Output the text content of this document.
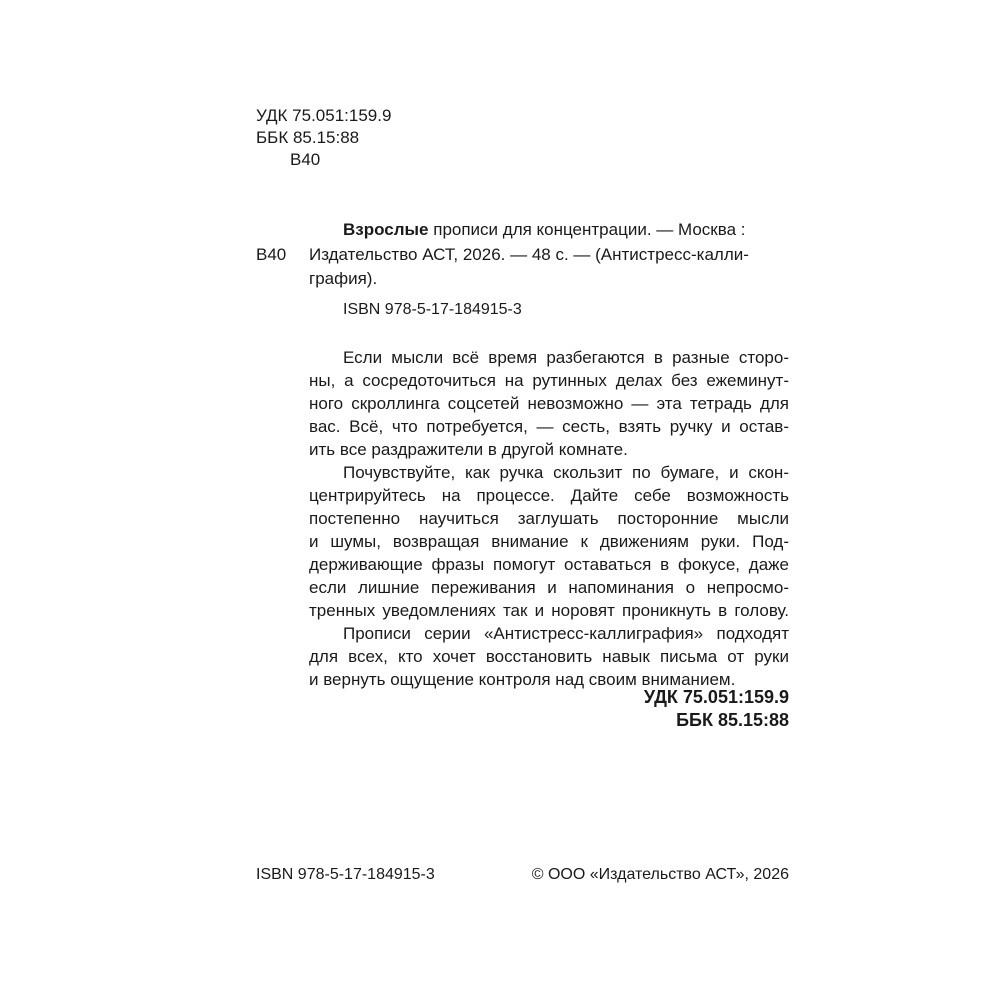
УДК 75.051:159.9
ББК 85.15:88
В40
Взрослые прописи для концентрации. — Москва :
В40 Издательство АСТ, 2026. — 48 с. — (Антистресс-калли-
графия).
ISBN 978-5-17-184915-3
Если мысли всё время разбегаются в разные сторо-
ны, а сосредоточиться на рутинных делах без ежеминут-
ного скроллинга соцсетей невозможно — эта тетрадь для
вас. Всё, что потребуется, — сесть, взять ручку и остав-
ить все раздражители в другой комнате.
Почувствуйте, как ручка скользит по бумаге, и скон-
центрируйтесь на процессе. Дайте себе возможность
постепенно научиться заглушать посторонние мысли
и шумы, возвращая внимание к движениям руки. Под-
держивающие фразы помогут оставаться в фокусе, даже
если лишние переживания и напоминания о непросмо-
тренных уведомлениях так и норовят проникнуть в голову.
Прописи серии «Антистресс-каллиграфия» подходят
для всех, кто хочет восстановить навык письма от руки
и вернуть ощущение контроля над своим вниманием.
УДК 75.051:159.9
ББК 85.15:88
ISBN 978-5-17-184915-3	© ООО «Издательство АСТ», 2026
